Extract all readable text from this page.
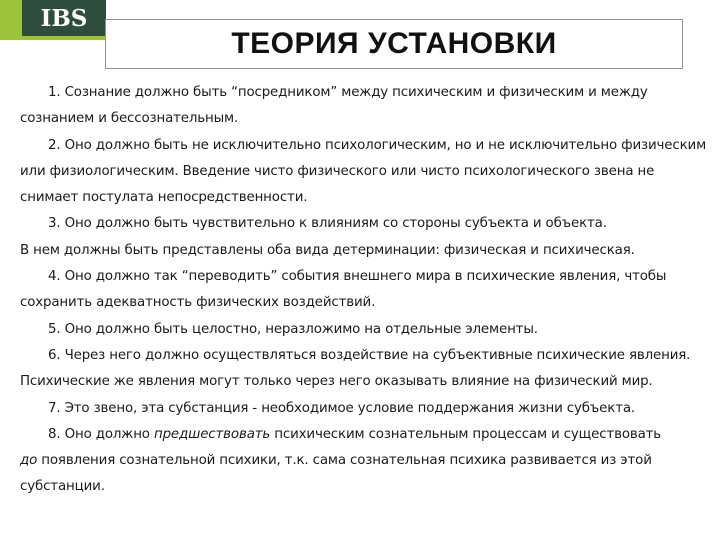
IBS
ТЕОРИЯ УСТАНОВКИ

1. Сознание должно быть “посредником” между психическим и физическим и между сознанием и бессознательным.

2. Оно должно быть не исключительно психологическим, но и не исключительно физическим или физиологическим. Введение чисто физического или чисто психологического звена не снимает постулата непосредственности.

3. Оно должно быть чувствительно к влияниям со стороны субъекта и объекта.

В нем должны быть представлены оба вида детерминации: физическая и психическая.

4. Оно должно так “переводить” события внешнего мира в психические явления, чтобы сохранить адекватность физических воздействий.

5. Оно должно быть целостно, неразложимо на отдельные элементы.

6. Через него должно осуществляться воздействие на субъективные психические явления.

Психические же явления могут только через него оказывать влияние на физический мир.

7. Это звено, эта субстанция - необходимое условие поддержания жизни субъекта.

8. Оно должно предшествовать психическим сознательным процессам и существовать

до появления сознательной психики, т.к. сама сознательная психика развивается из этой субстанции.
